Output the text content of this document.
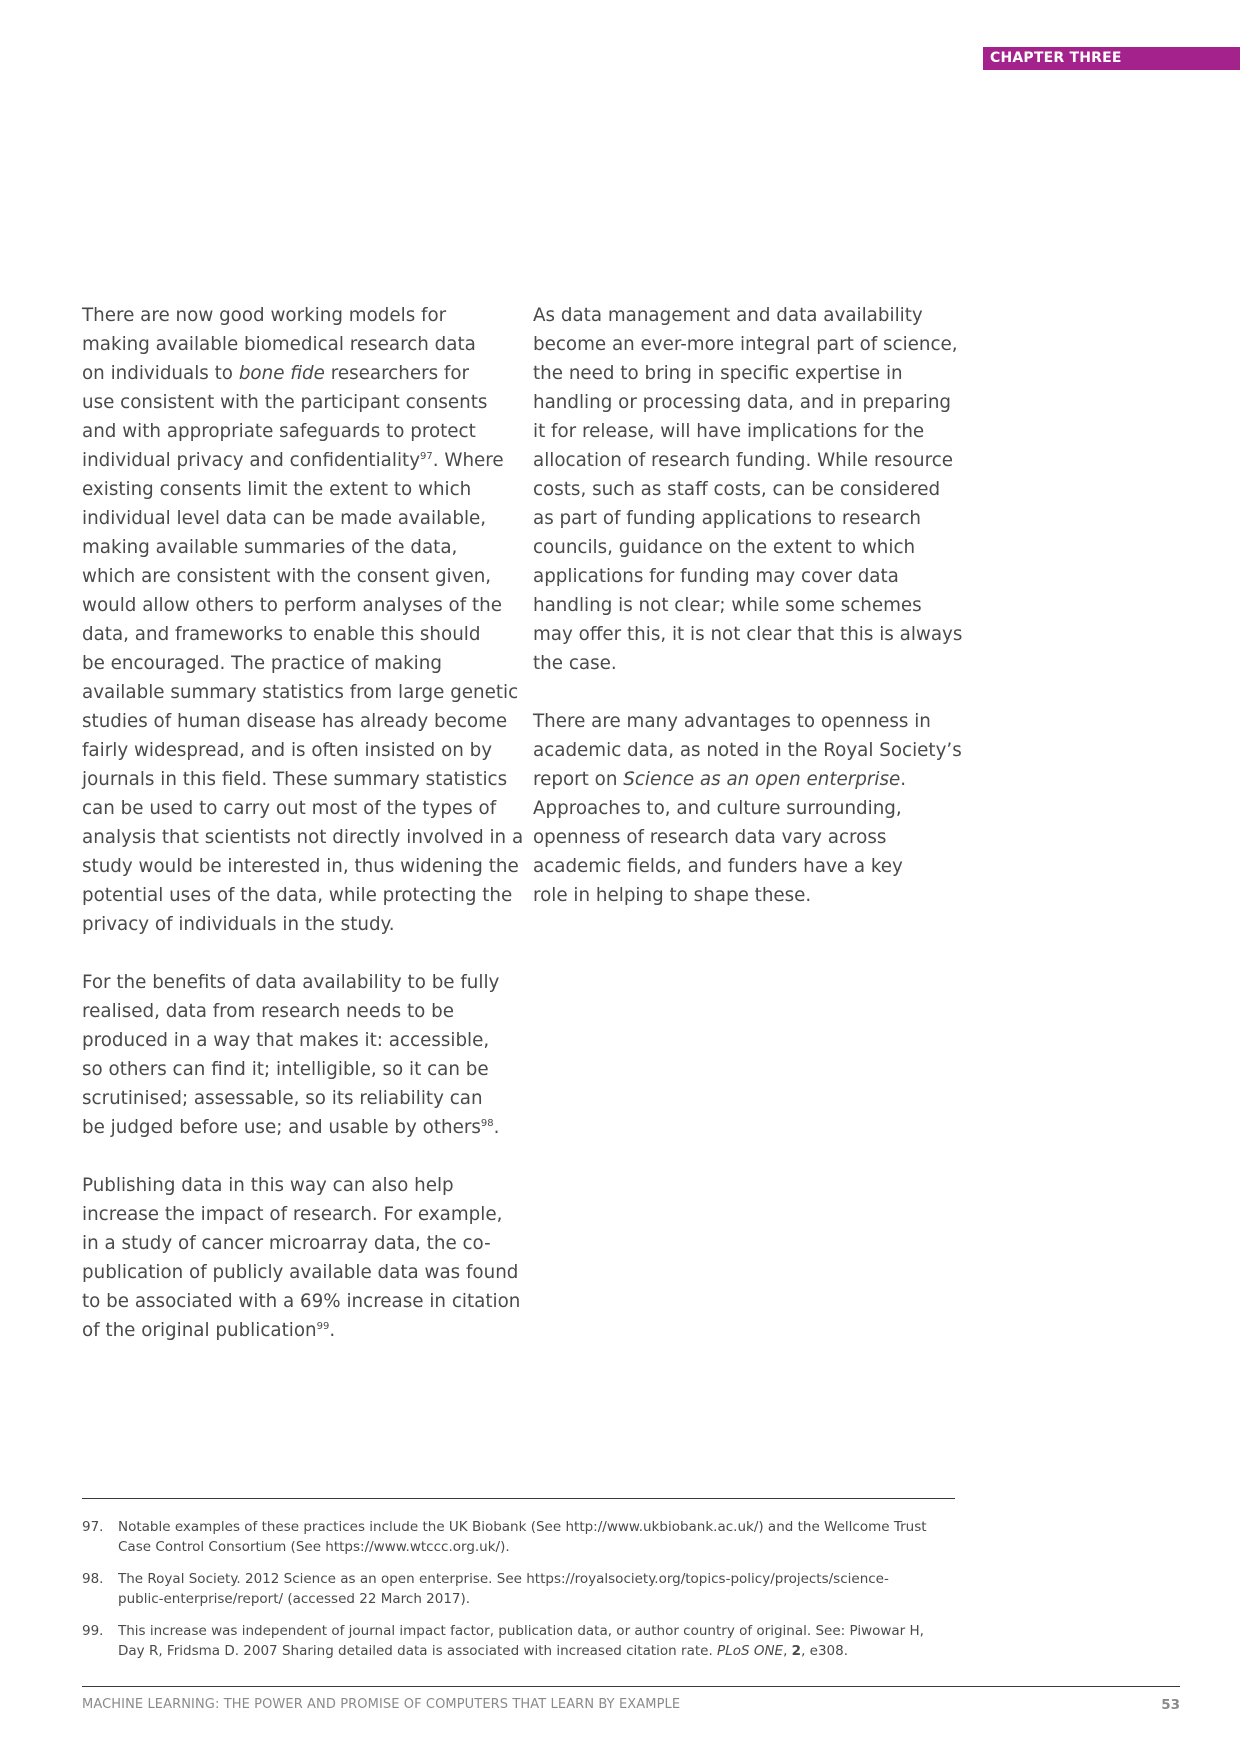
CHAPTER THREE

There are now good working models for
making available biomedical research data
on individuals to bone fide researchers for
use consistent with the participant consents
and with appropriate safeguards to protect
individual privacy and confidentiality$^{97}$. Where
existing consents limit the extent to which
individual level data can be made available,
making available summaries of the data,
which are consistent with the consent given,
would allow others to perform analyses of the
data, and frameworks to enable this should
be encouraged. The practice of making
available summary statistics from large genetic
studies of human disease has already become
fairly widespread, and is often insisted on by
journals in this field. These summary statistics
can be used to carry out most of the types of
analysis that scientists not directly involved in a
study would be interested in, thus widening the
potential uses of the data, while protecting the
privacy of individuals in the study.

For the benefits of data availability to be fully
realised, data from research needs to be
produced in a way that makes it: accessible,
so others can find it; intelligible, so it can be
scrutinised; assessable, so its reliability can
be judged before use; and usable by others$^{98}$.

Publishing data in this way can also help
increase the impact of research. For example,
in a study of cancer microarray data, the co-
publication of publicly available data was found
to be associated with a 69% increase in citation
of the original publication$^{99}$.

As data management and data availability
become an ever-more integral part of science,
the need to bring in specific expertise in
handling or processing data, and in preparing
it for release, will have implications for the
allocation of research funding. While resource
costs, such as staff costs, can be considered
as part of funding applications to research
councils, guidance on the extent to which
applications for funding may cover data
handling is not clear; while some schemes
may offer this, it is not clear that this is always
the case.

There are many advantages to openness in
academic data, as noted in the Royal Society’s
report on Science as an open enterprise.
Approaches to, and culture surrounding,
openness of research data vary across
academic fields, and funders have a key
role in helping to shape these.

97. Notable examples of these practices include the UK Biobank (See http://www.ukbiobank.ac.uk/) and the Wellcome Trust
Case Control Consortium (See https://www.wtccc.org.uk/).
98. The Royal Society. 2012 Science as an open enterprise. See https://royalsociety.org/topics-policy/projects/science-
public-enterprise/report/ (accessed 22 March 2017).
99. This increase was independent of journal impact factor, publication data, or author country of original. See: Piwowar H,
Day R, Fridsma D. 2007 Sharing detailed data is associated with increased citation rate. PLoS ONE, 2, e308.
MACHINE LEARNING: THE POWER AND PROMISE OF COMPUTERS THAT LEARN BY EXAMPLE	53
